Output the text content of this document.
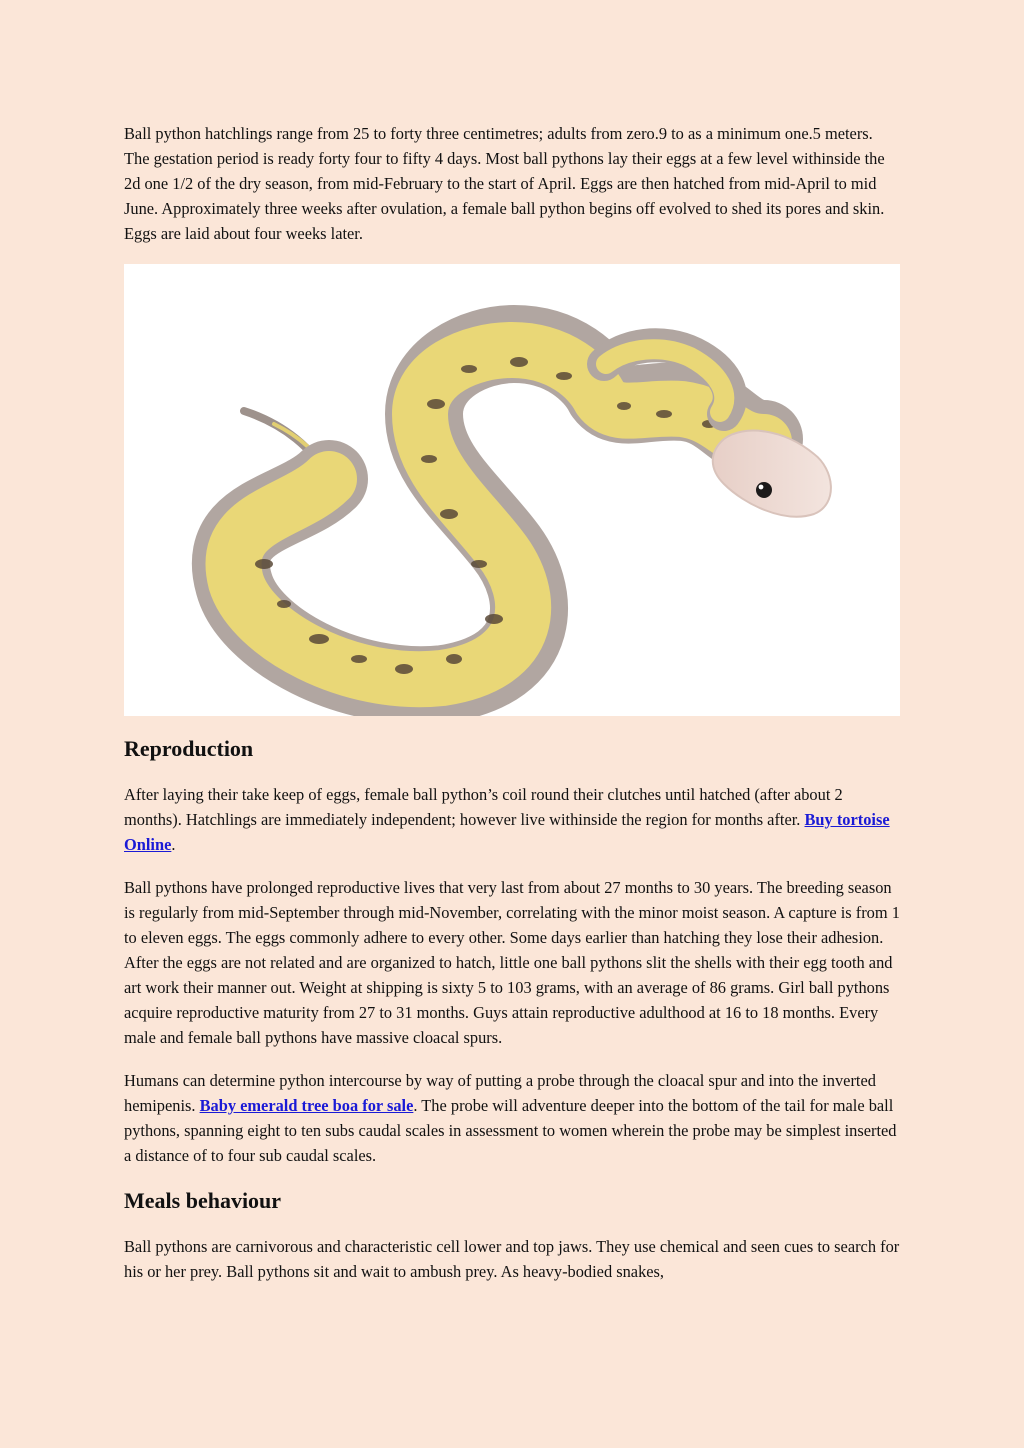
Ball python hatchlings range from 25 to forty three centimetres; adults from zero.9 to as a minimum one.5 meters. The gestation period is ready forty four to fifty 4 days. Most ball pythons lay their eggs at a few level withinside the 2d one 1/2 of the dry season, from mid-February to the start of April. Eggs are then hatched from mid-April to mid June. Approximately three weeks after ovulation, a female ball python begins off evolved to shed its pores and skin. Eggs are laid about four weeks later.

Reproduction

After laying their take keep of eggs, female ball python’s coil round their clutches until hatched (after about 2 months). Hatchlings are immediately independent; however live withinside the region for months after. Buy tortoise Online.

Ball pythons have prolonged reproductive lives that very last from about 27 months to 30 years. The breeding season is regularly from mid-September through mid-November, correlating with the minor moist season. A capture is from 1 to eleven eggs. The eggs commonly adhere to every other. Some days earlier than hatching they lose their adhesion. After the eggs are not related and are organized to hatch, little one ball pythons slit the shells with their egg tooth and art work their manner out. Weight at shipping is sixty 5 to 103 grams, with an average of 86 grams. Girl ball pythons acquire reproductive maturity from 27 to 31 months. Guys attain reproductive adulthood at 16 to 18 months. Every male and female ball pythons have massive cloacal spurs.

Humans can determine python intercourse by way of putting a probe through the cloacal spur and into the inverted hemipenis. Baby emerald tree boa for sale. The probe will adventure deeper into the bottom of the tail for male ball pythons, spanning eight to ten subs caudal scales in assessment to women wherein the probe may be simplest inserted a distance of to four sub caudal scales.

Meals behaviour

Ball pythons are carnivorous and characteristic cell lower and top jaws. They use chemical and seen cues to search for his or her prey. Ball pythons sit and wait to ambush prey. As heavy-bodied snakes,
